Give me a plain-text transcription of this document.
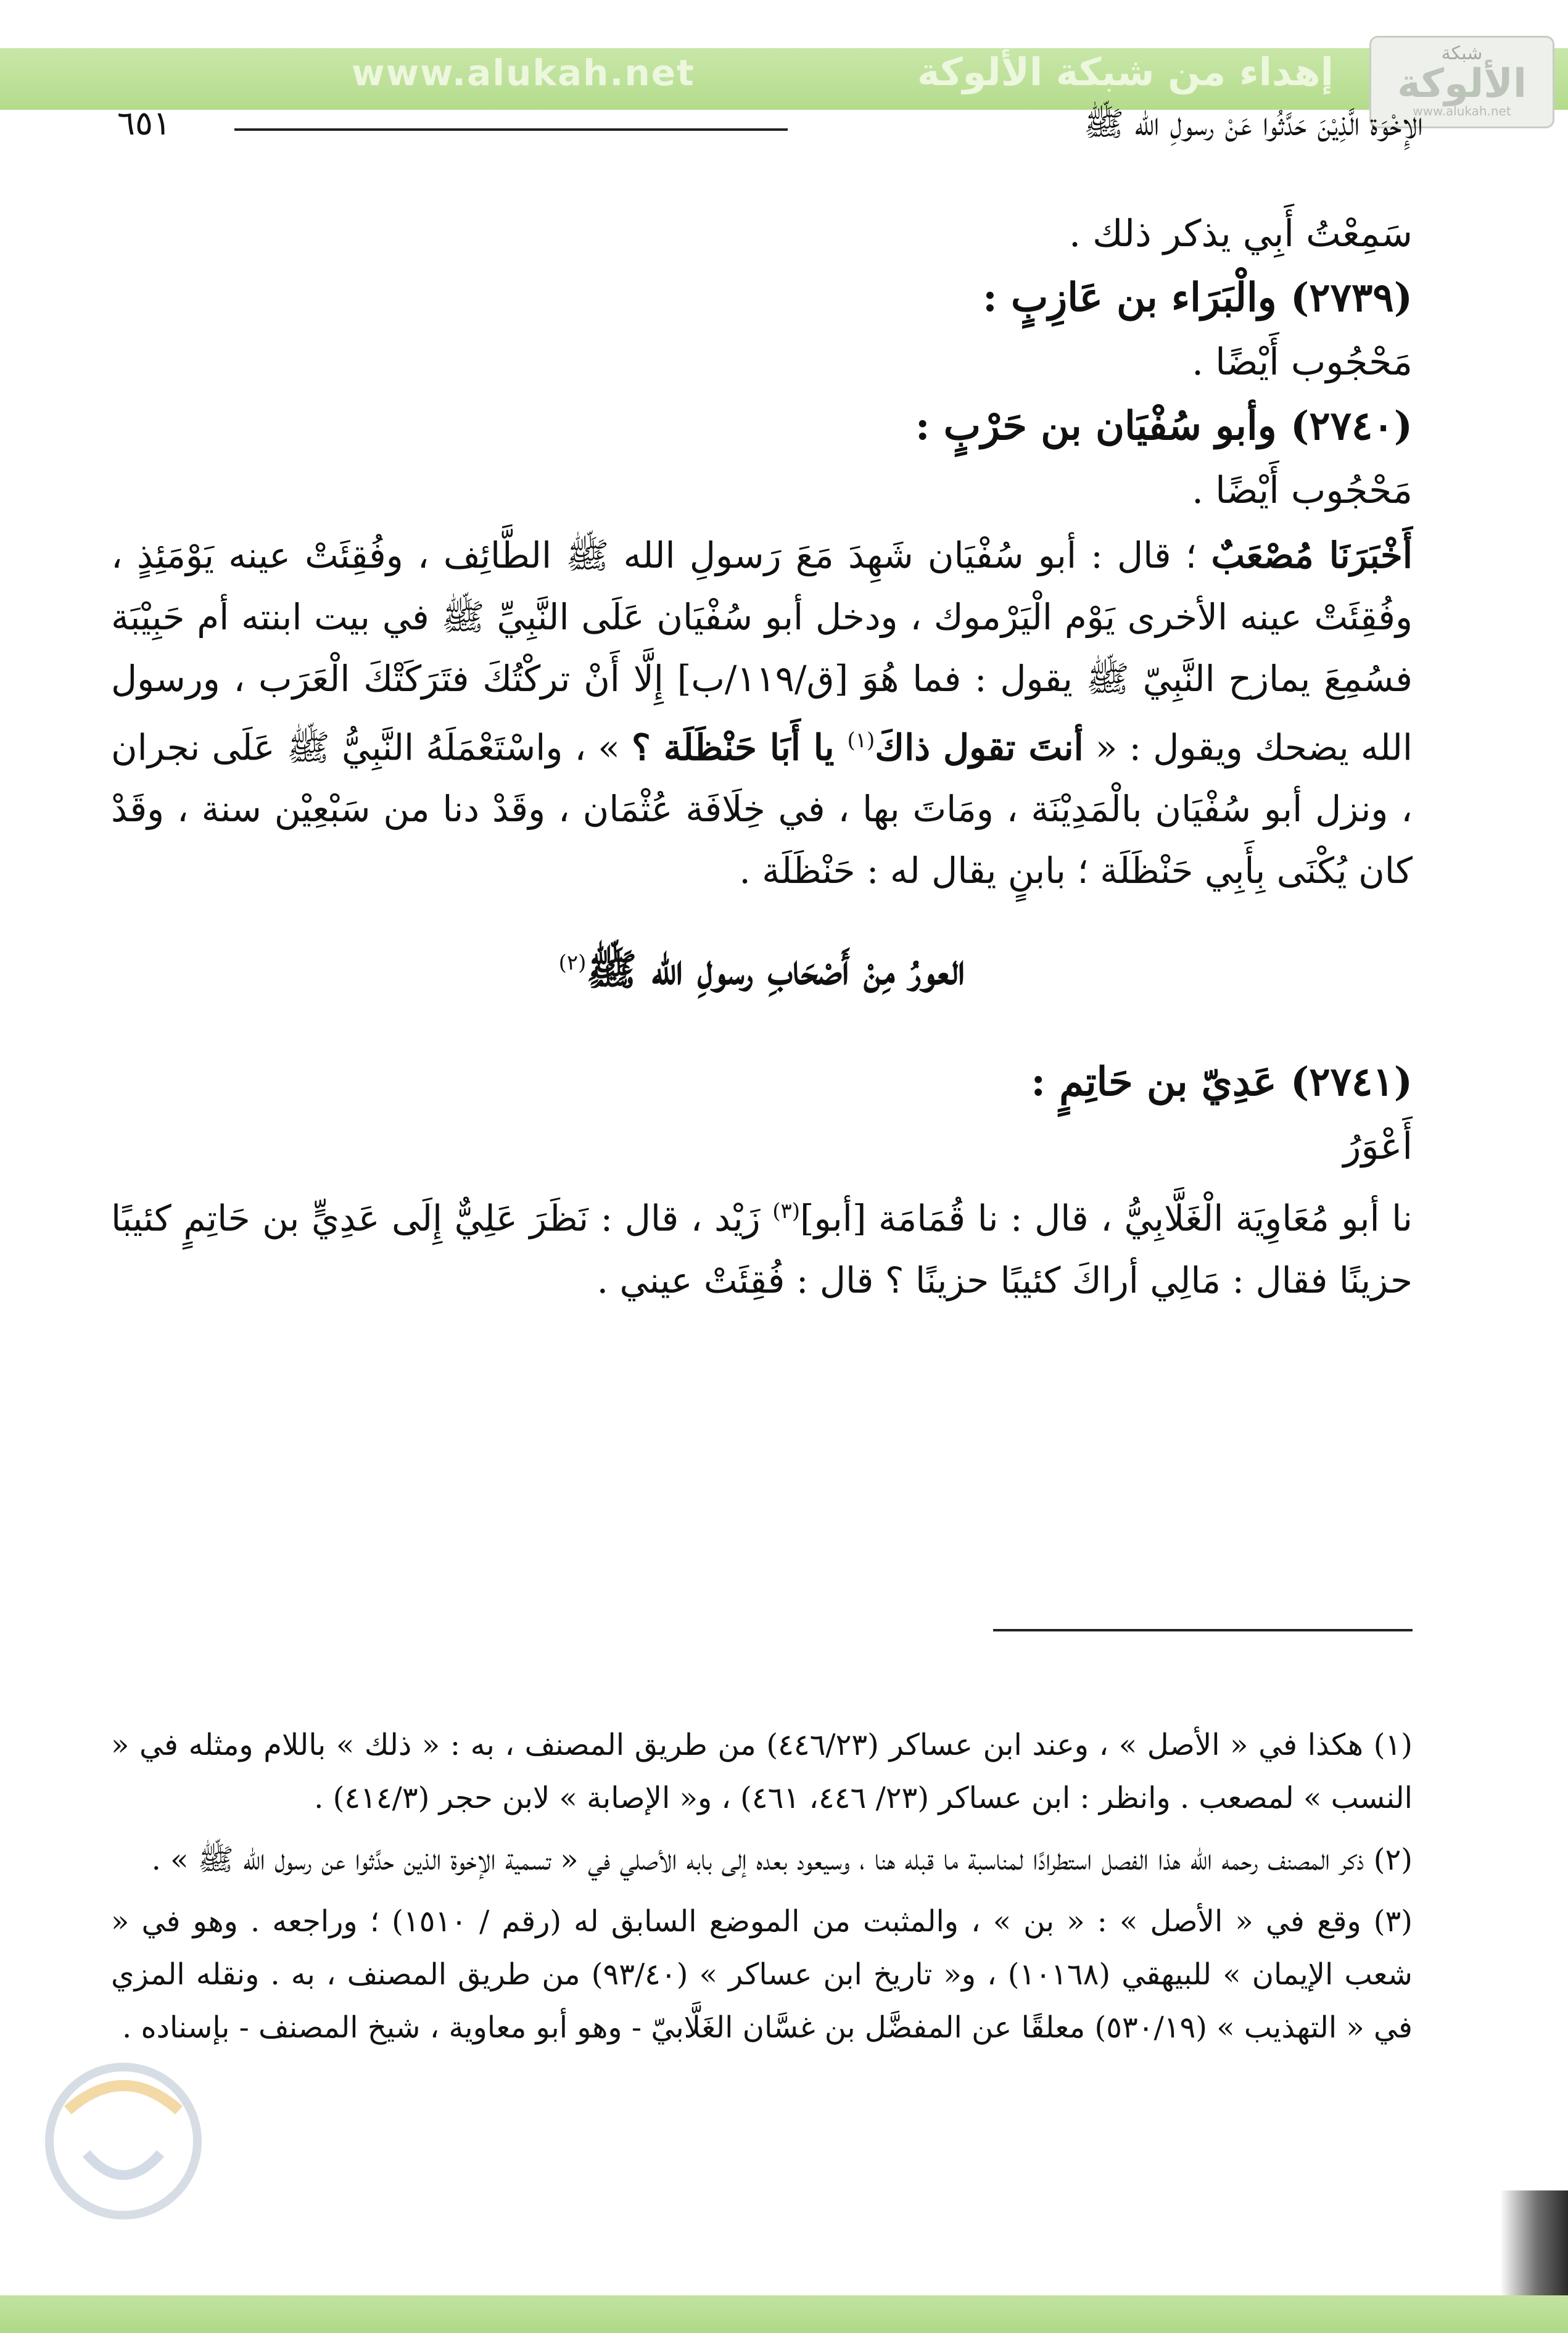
www.alukah.net	إهداء من شبكة الألوكة	شبكة
الألوكة
www.alukah.net
الإِخْوَة الَّذِيْنَ حَدَّثُوا عَنْ رسولِ الله ﷺ
٦٥١

سَمِعْتُ أَبِي يذكر ذلك .

(٢٧٣٩) والْبَرَاء بن عَازِبٍ :

مَحْجُوب أَيْضًا .

(٢٧٤٠) وأبو سُفْيَان بن حَرْبٍ :

مَحْجُوب أَيْضًا .

أَخْبَرَنَا مُصْعَبٌ ؛ قال : أبو سُفْيَان شَهِدَ مَعَ رَسولِ الله ﷺ الطَّائِف ، وفُقِئَتْ عينه يَوْمَئِذٍ ، وفُقِئَتْ عينه الأخرى يَوْم الْيَرْموك ، ودخل أبو سُفْيَان عَلَى النَّبِيِّ ﷺ في بيت ابنته أم حَبِيْبَة فسُمِعَ يمازح النَّبِيّ ﷺ يقول : فما هُوَ [ق/١١٩/ب] إِلَّا أَنْ تركْتُكَ فتَرَكَتْكَ الْعَرَب ، ورسول الله يضحك ويقول : « أنتَ تقول ذاكَ$^{(١)}$ يا أَبَا حَنْظَلَة ؟ » ، واسْتَعْمَلَهُ النَّبِيُّ ﷺ عَلَى نجران ، ونزل أبو سُفْيَان بالْمَدِيْنَة ، ومَاتَ بها ، في خِلَافَة عُثْمَان ، وقَدْ دنا من سَبْعِيْن سنة ، وقَدْ كان يُكْنَى بِأَبِي حَنْظَلَة ؛ بابنٍ يقال له : حَنْظَلَة .

العورُ مِنْ أَصْحَابِ رسولِ الله ﷺ$^{(٢)}$

(٢٧٤١) عَدِيّ بن حَاتِمٍ :

أَعْوَرُ

نا أبو مُعَاوِيَة الْغَلَّابِيُّ ، قال : نا قُمَامَة [أبو]$^{(٣)}$ زَيْد ، قال : نَظَرَ عَلِيٌّ إِلَى عَدِيٍّ بن حَاتِمٍ كئيبًا حزينًا فقال : مَالِي أراكَ كئيبًا حزينًا ؟ قال : فُقِئَتْ عيني .

(١) هكذا في « الأصل » ، وعند ابن عساكر (٤٤٦/٢٣) من طريق المصنف ، به : « ذلك » باللام ومثله في « النسب » لمصعب . وانظر : ابن عساكر (٢٣/ ٤٤٦، ٤٦١) ، و« الإصابة » لابن حجر (٤١٤/٣) .

(٢) ذكر المصنف رحمه الله هذا الفصل استطرادًا لمناسبة ما قبله هنا ، وسيعود بعده إلى بابه الأصلي في « تسمية الإخوة الذين حدَّثوا عن رسول الله ﷺ » .

(٣) وقع في « الأصل » : « بن » ، والمثبت من الموضع السابق له (رقم / ١٥١٠) ؛ وراجعه . وهو في « شعب الإيمان » للبيهقي (١٠١٦٨) ، و« تاريخ ابن عساكر » (٩٣/٤٠) من طريق المصنف ، به . ونقله المزي في « التهذيب » (٥٣٠/١٩) معلقًا عن المفضَّل بن غسَّان الغَلَّابيّ - وهو أبو معاوية ، شيخ المصنف - بإسناده .
